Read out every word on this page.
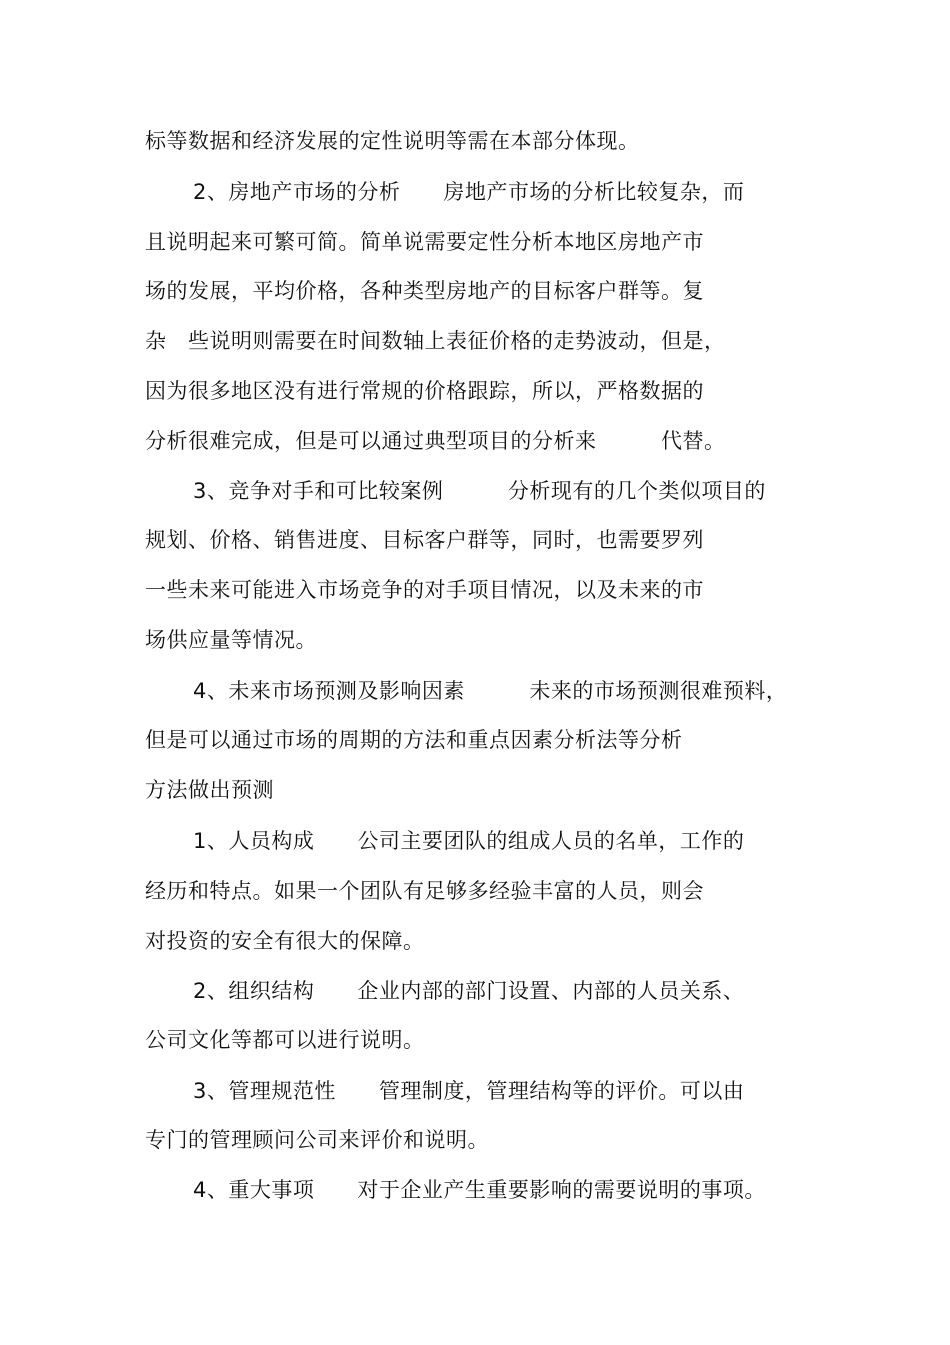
标等数据和经济发展的定性说明等需在本部分体现。
2、房地产市场的分析　　房地产市场的分析比较复杂，而
且说明起来可繁可简。简单说需要定性分析本地区房地产市
场的发展，平均价格，各种类型房地产的目标客户群等。复
杂　些说明则需要在时间数轴上表征价格的走势波动，但是，
因为很多地区没有进行常规的价格跟踪，所以，严格数据的
分析很难完成，但是可以通过典型项目的分析来　　　代替。
3、竞争对手和可比较案例　　　分析现有的几个类似项目的
规划、价格、销售进度、目标客户群等，同时，也需要罗列
一些未来可能进入市场竞争的对手项目情况，以及未来的市
场供应量等情况。
4、未来市场预测及影响因素　　　未来的市场预测很难预料，
但是可以通过市场的周期的方法和重点因素分析法等分析
方法做出预测
1、人员构成　　公司主要团队的组成人员的名单，工作的
经历和特点。如果一个团队有足够多经验丰富的人员，则会
对投资的安全有很大的保障。
2、组织结构　　企业内部的部门设置、内部的人员关系、
公司文化等都可以进行说明。
3、管理规范性　　管理制度，管理结构等的评价。可以由
专门的管理顾问公司来评价和说明。
4、重大事项　　对于企业产生重要影响的需要说明的事项。
